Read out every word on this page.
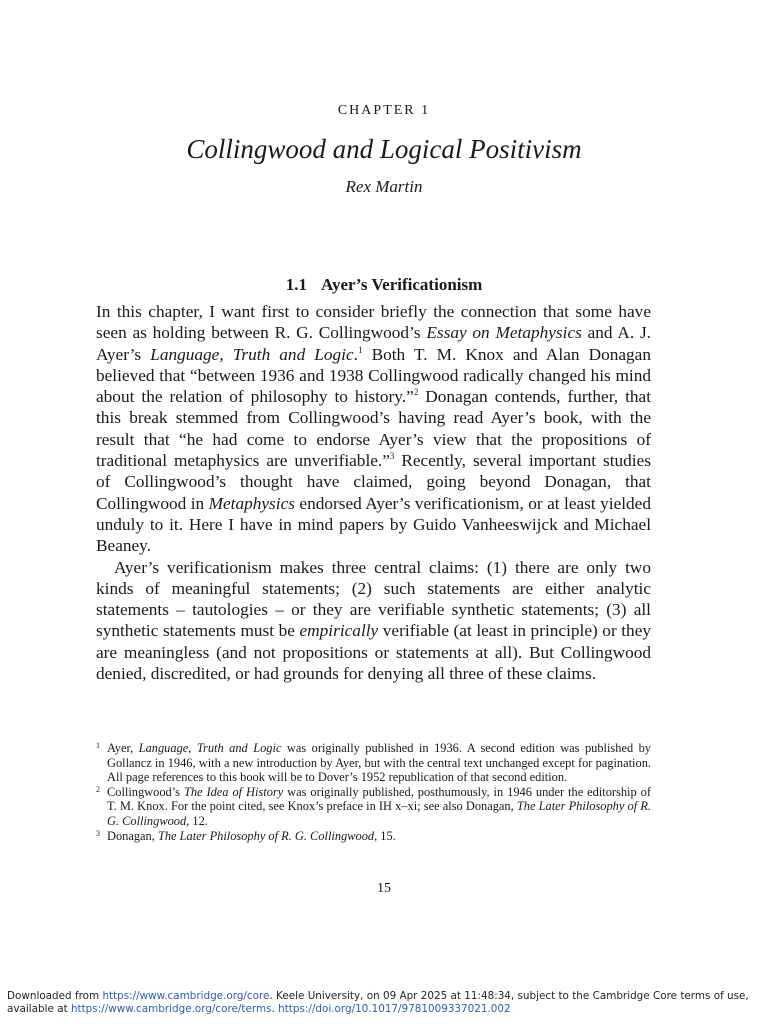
CHAPTER 1
Collingwood and Logical Positivism
Rex Martin
1.1 Ayer’s Verificationism

In this chapter, I want first to consider briefly the connection that some have seen as holding between R. G. Collingwood’s Essay on Metaphysics and A. J. Ayer’s Language, Truth and Logic.$^1$ Both T. M. Knox and Alan Donagan believed that “between 1936 and 1938 Collingwood radically changed his mind about the relation of philosophy to history.”$^2$ Donagan contends, further, that this break stemmed from Collingwood’s having read Ayer’s book, with the result that “he had come to endorse Ayer’s view that the propositions of traditional metaphysics are unverifiable.”$^3$ Recently, several important studies of Collingwood’s thought have claimed, going beyond Donagan, that Collingwood in Metaphysics endorsed Ayer’s verificationism, or at least yielded unduly to it. Here I have in mind papers by Guido Vanheeswijck and Michael Beaney.

Ayer’s verificationism makes three central claims: (1) there are only two kinds of meaningful statements; (2) such statements are either analytic statements – tautologies – or they are verifiable synthetic statements; (3) all synthetic statements must be empirically verifiable (at least in principle) or they are meaningless (and not propositions or statements at all). But Collingwood denied, discredited, or had grounds for denying all three of these claims.

1 Ayer, Language, Truth and Logic was originally published in 1936. A second edition was published by Gollancz in 1946, with a new introduction by Ayer, but with the central text unchanged except for pagination. All page references to this book will be to Dover’s 1952 republication of that second edition.
2 Collingwood’s The Idea of History was originally published, posthumously, in 1946 under the editorship of T. M. Knox. For the point cited, see Knox’s preface in IH x–xi; see also Donagan, The Later Philosophy of R. G. Collingwood, 12.
3 Donagan, The Later Philosophy of R. G. Collingwood, 15.
15
Downloaded from https://www.cambridge.org/core. Keele University, on 09 Apr 2025 at 11:48:34, subject to the Cambridge Core terms of use,
available at https://www.cambridge.org/core/terms. https://doi.org/10.1017/9781009337021.002
